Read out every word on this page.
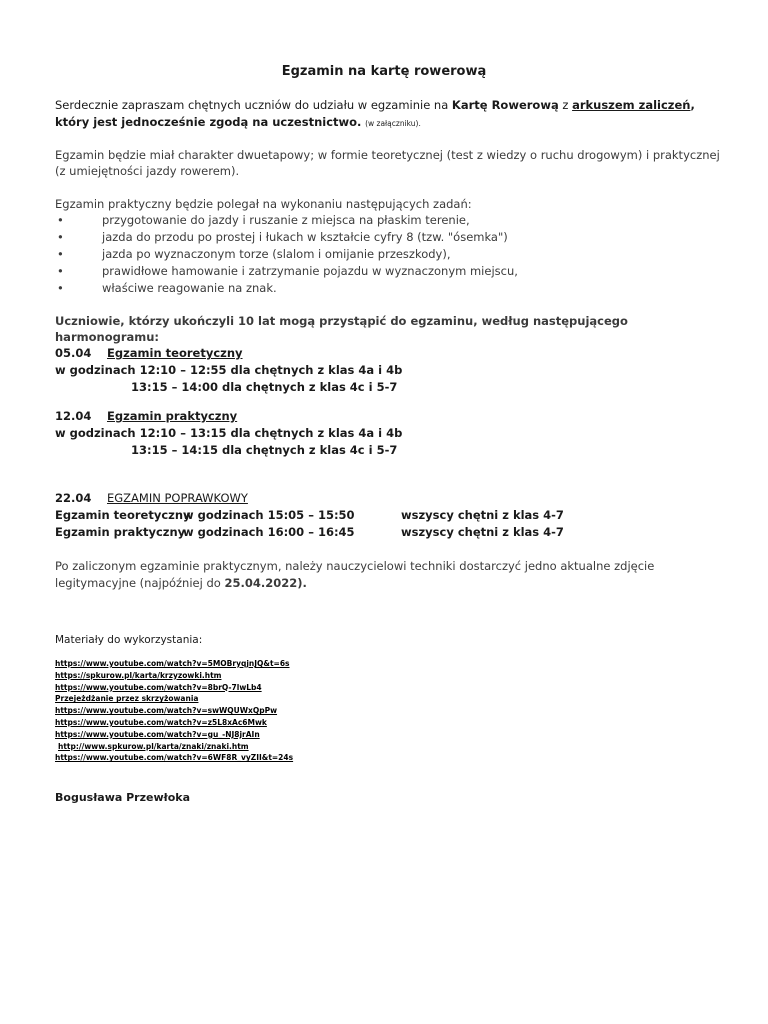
Egzamin na kartę rowerową
Serdecznie zapraszam chętnych uczniów do udziału w egzaminie na Kartę Rowerową z arkuszem zaliczeń, który jest jednocześnie zgodą na uczestnictwo. (w załączniku).
Egzamin będzie miał charakter dwuetapowy; w formie teoretycznej (test z wiedzy o ruchu drogowym) i praktycznej (z umiejętności jazdy rowerem).
Egzamin praktyczny będzie polegał na wykonaniu następujących zadań:
•	przygotowanie do jazdy i ruszanie z miejsca na płaskim terenie,
•	jazda do przodu po prostej i łukach w kształcie cyfry 8 (tzw. "ósemka")
•	jazda po wyznaczonym torze (slalom i omijanie przeszkody),
•	prawidłowe hamowanie i zatrzymanie pojazdu w wyznaczonym miejscu,
•	właściwe reagowanie na znak.
Uczniowie, którzy ukończyli 10 lat mogą przystąpić do egzaminu, według następującego harmonogramu:
05.04 Egzamin teoretyczny
w godzinach 12:10 – 12:55 dla chętnych z klas 4a i 4b
13:15 – 14:00 dla chętnych z klas 4c i 5-7
12.04 Egzamin praktyczny
w godzinach 12:10 – 13:15 dla chętnych z klas 4a i 4b
13:15 – 14:15 dla chętnych z klas 4c i 5-7
22.04 EGZAMIN POPRAWKOWY
Egzamin teoretycznyw godzinach 15:05 – 15:50	wszyscy chętni z klas 4-7
Egzamin praktycznyw godzinach 16:00 – 16:45	wszyscy chętni z klas 4-7
Po zaliczonym egzaminie praktycznym, należy nauczycielowi techniki dostarczyć jedno aktualne zdjęcie legitymacyjne (najpóźniej do 25.04.2022).
Materiały do wykorzystania:
https://www.youtube.com/watch?v=5MOBryqjnJQ&t=6s
https://spkurow.pl/karta/krzyzowki.htm
https://www.youtube.com/watch?v=8brQ-7lwLb4
Przejeżdżanie przez skrzyżowania
https://www.youtube.com/watch?v=swWQUWxQpPw
https://www.youtube.com/watch?v=z5L8xAc6Mwk
https://www.youtube.com/watch?v=gu_-NJ8jrAIn
http://www.spkurow.pl/karta/znaki/znaki.htm
https://www.youtube.com/watch?v=6WF8R_vyZII&t=24s
Bogusława Przewłoka
